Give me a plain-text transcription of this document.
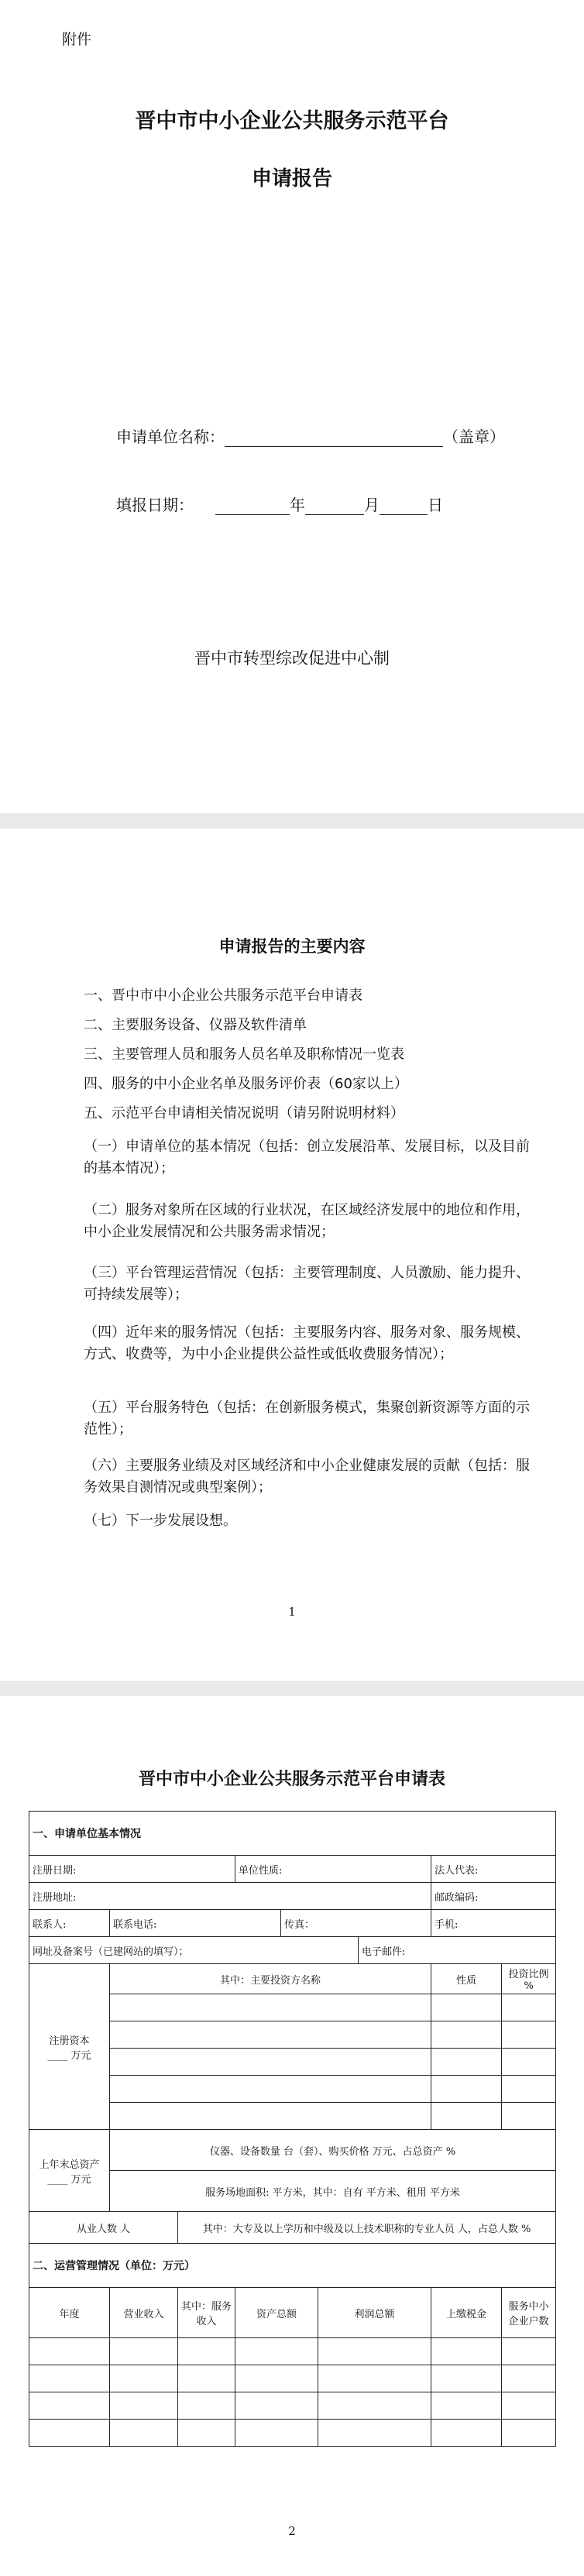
附件
晋中市中小企业公共服务示范平台
申请报告
申请单位名称：	（盖章）
填报日期：	年	月	日
晋中市转型综改促进中心制
申请报告的主要内容
一、晋中市中小企业公共服务示范平台申请表
二、主要服务设备、仪器及软件清单
三、主要管理人员和服务人员名单及职称情况一览表
四、服务的中小企业名单及服务评价表（60家以上）
五、示范平台申请相关情况说明（请另附说明材料）
（一）申请单位的基本情况（包括：创立发展沿革、发展目标，以及目前的基本情况）；
（二）服务对象所在区域的行业状况，在区域经济发展中的地位和作用，中小企业发展情况和公共服务需求情况；
（三）平台管理运营情况（包括：主要管理制度、人员激励、能力提升、可持续发展等）；
（四）近年来的服务情况（包括：主要服务内容、服务对象、服务规模、方式、收费等，为中小企业提供公益性或低收费服务情况）；
（五）平台服务特色（包括：在创新服务模式，集聚创新资源等方面的示范性）；
（六）主要服务业绩及对区域经济和中小企业健康发展的贡献（包括：服务效果自测情况或典型案例）；
（七）下一步发展设想。
1
晋中市中小企业公共服务示范平台申请表
一、申请单位基本情况								
注册日期:			单位性质:				法人代表:	
注册地址:							邮政编码:	
联系人:	联系电话:			传真：			手机:	
网址及备案号（已建网站的填写）；						电子邮件:		

注册资本
____ 万元	其中：主要投资方名称						性质	投资比例 %

上年末总资产
____ 万元	仪器、设备数量 台（套）、购买价格 万元、占总资产 %							
	服务场地面积: 平方米，其中：自有 平方米、租用 平方米							
从业人数 人		其中：大专及以上学历和中级及以上技术职称的专业人员 人，占总人数 %						
二、运营管理情况（单位：万元）								
年度	营业收入	其中：服务收入	资产总额		利润总额		上缴税金	服务中小企业户数

2
